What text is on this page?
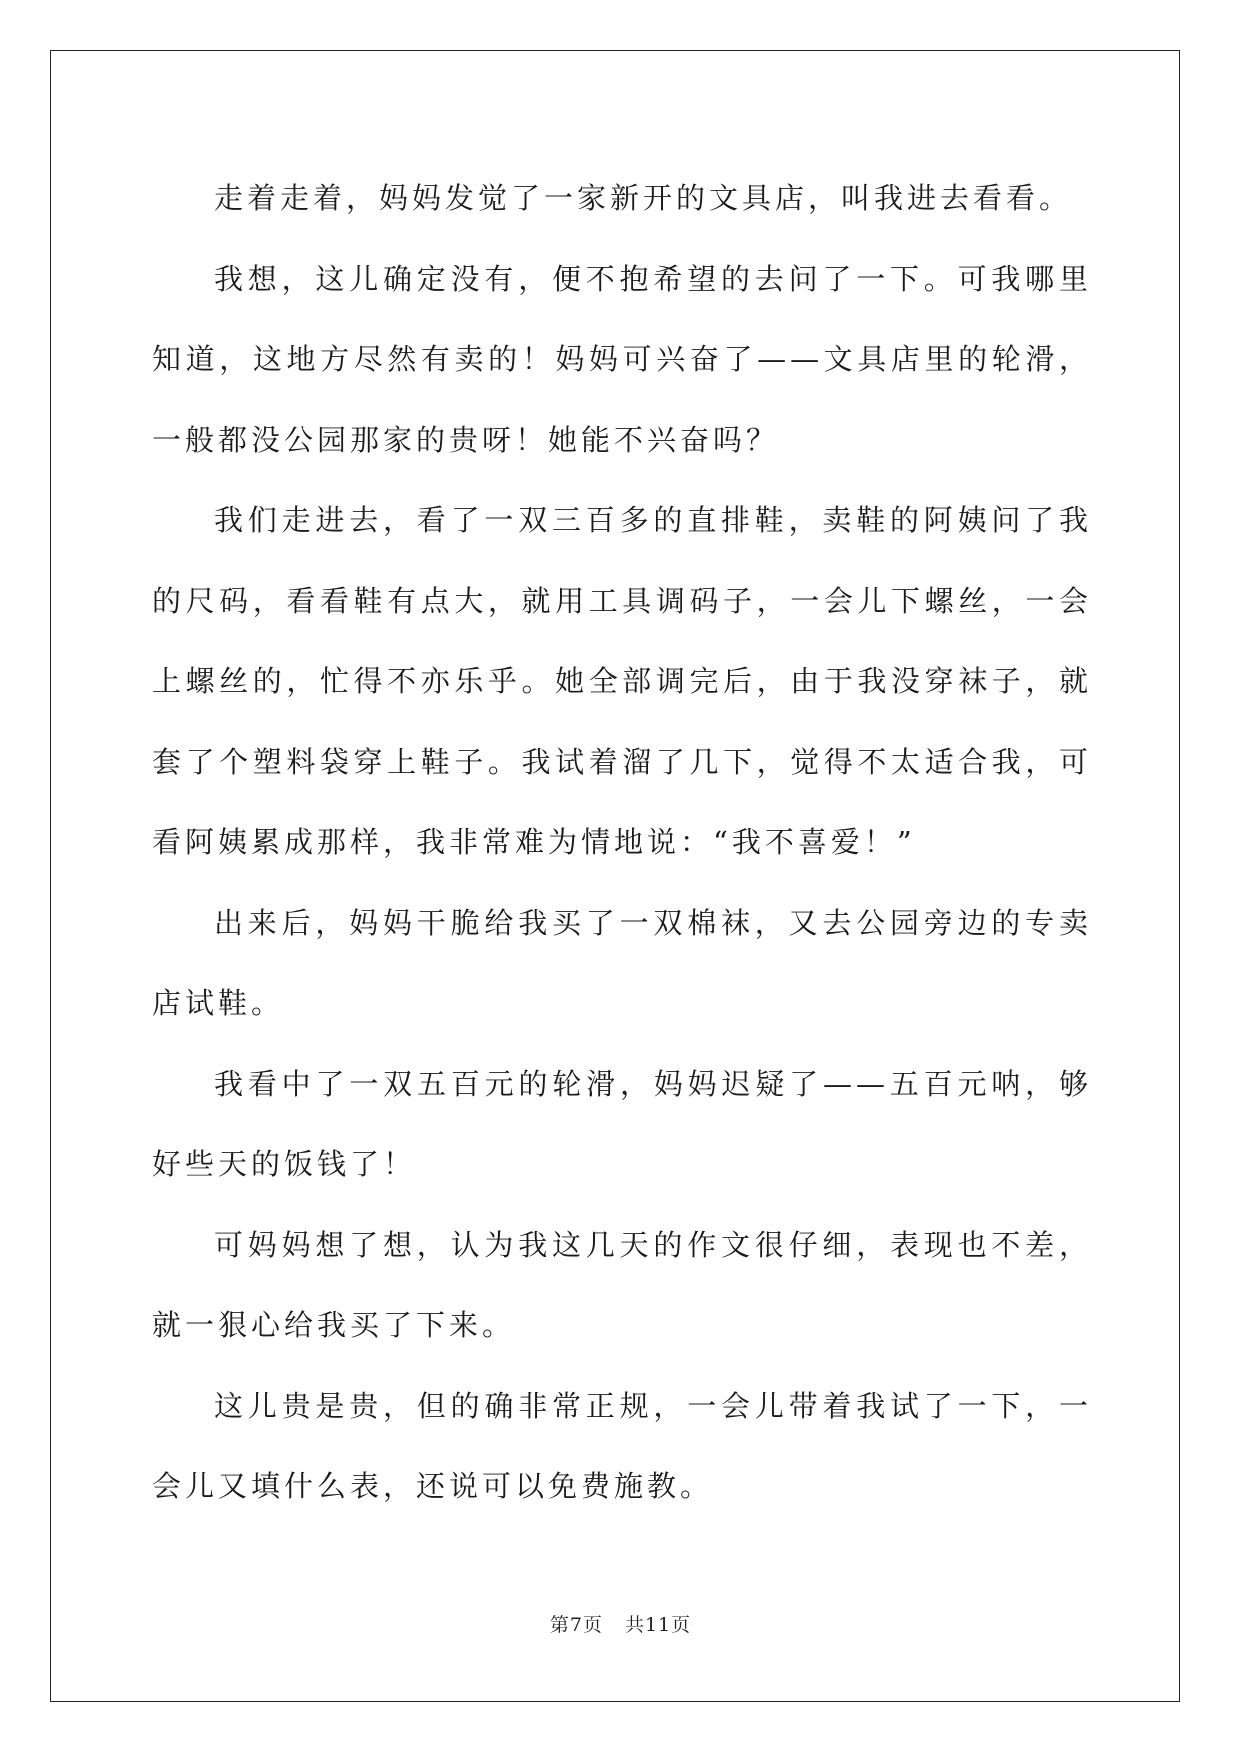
走着走着，妈妈发觉了一家新开的文具店，叫我进去看看。

我想，这儿确定没有，便不抱希望的去问了一下。可我哪里知道，这地方尽然有卖的！妈妈可兴奋了——文具店里的轮滑，一般都没公园那家的贵呀！她能不兴奋吗？

我们走进去，看了一双三百多的直排鞋，卖鞋的阿姨问了我的尺码，看看鞋有点大，就用工具调码子，一会儿下螺丝，一会上螺丝的，忙得不亦乐乎。她全部调完后，由于我没穿袜子，就套了个塑料袋穿上鞋子。我试着溜了几下，觉得不太适合我，可看阿姨累成那样，我非常难为情地说：“我不喜爱！”

出来后，妈妈干脆给我买了一双棉袜，又去公园旁边的专卖店试鞋。

我看中了一双五百元的轮滑，妈妈迟疑了——五百元呐，够好些天的饭钱了！

可妈妈想了想，认为我这几天的作文很仔细，表现也不差，就一狠心给我买了下来。

这儿贵是贵，但的确非常正规，一会儿带着我试了一下，一会儿又填什么表，还说可以免费施教。

第7页 共11页
